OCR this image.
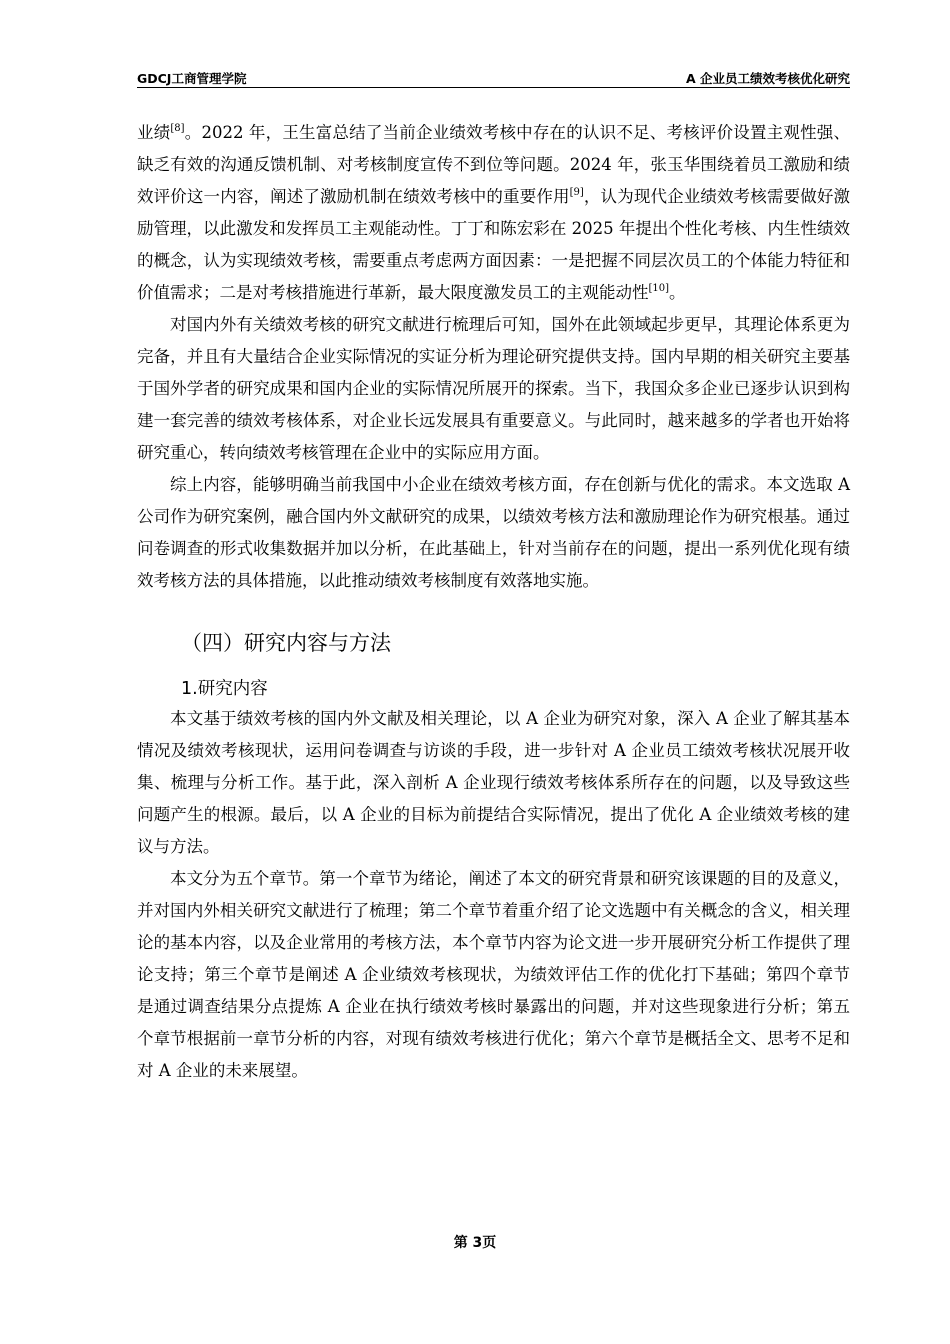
GDCJ工商管理学院	A 企业员工绩效考核优化研究

业绩[8]。2022 年，王生富总结了当前企业绩效考核中存在的认识不足、考核评价设置主观性强、缺乏有效的沟通反馈机制、对考核制度宣传不到位等问题。2024 年，张玉华围绕着员工激励和绩效评价这一内容，阐述了激励机制在绩效考核中的重要作用[9]，认为现代企业绩效考核需要做好激励管理，以此激发和发挥员工主观能动性。丁丁和陈宏彩在 2025 年提出个性化考核、内生性绩效的概念，认为实现绩效考核，需要重点考虑两方面因素：一是把握不同层次员工的个体能力特征和价值需求；二是对考核措施进行革新，最大限度激发员工的主观能动性[10]。

对国内外有关绩效考核的研究文献进行梳理后可知，国外在此领域起步更早，其理论体系更为完备，并且有大量结合企业实际情况的实证分析为理论研究提供支持。国内早期的相关研究主要基于国外学者的研究成果和国内企业的实际情况所展开的探索。当下，我国众多企业已逐步认识到构建一套完善的绩效考核体系，对企业长远发展具有重要意义。与此同时，越来越多的学者也开始将研究重心，转向绩效考核管理在企业中的实际应用方面。

综上内容，能够明确当前我国中小企业在绩效考核方面，存在创新与优化的需求。本文选取 A 公司作为研究案例，融合国内外文献研究的成果，以绩效考核方法和激励理论作为研究根基。通过问卷调查的形式收集数据并加以分析，在此基础上，针对当前存在的问题，提出一系列优化现有绩效考核方法的具体措施，以此推动绩效考核制度有效落地实施。

（四）研究内容与方法
1.研究内容

本文基于绩效考核的国内外文献及相关理论，以 A 企业为研究对象，深入 A 企业了解其基本情况及绩效考核现状，运用问卷调查与访谈的手段，进一步针对 A 企业员工绩效考核状况展开收集、梳理与分析工作。基于此，深入剖析 A 企业现行绩效考核体系所存在的问题，以及导致这些问题产生的根源。最后，以 A 企业的目标为前提结合实际情况，提出了优化 A 企业绩效考核的建议与方法。

本文分为五个章节。第一个章节为绪论，阐述了本文的研究背景和研究该课题的目的及意义，并对国内外相关研究文献进行了梳理；第二个章节着重介绍了论文选题中有关概念的含义，相关理论的基本内容，以及企业常用的考核方法，本个章节内容为论文进一步开展研究分析工作提供了理论支持；第三个章节是阐述 A 企业绩效考核现状，为绩效评估工作的优化打下基础；第四个章节是通过调查结果分点提炼 A 企业在执行绩效考核时暴露出的问题，并对这些现象进行分析；第五个章节根据前一章节分析的内容，对现有绩效考核进行优化；第六个章节是概括全文、思考不足和对 A 企业的未来展望。

第 3页
